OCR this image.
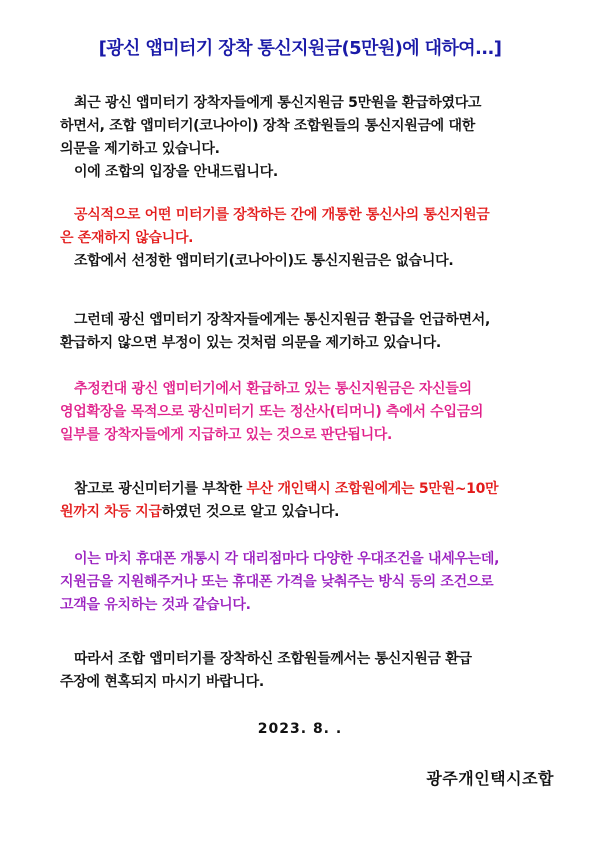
[광신 앱미터기 장착 통신지원금(5만원)에 대하여...]
최근 광신 앱미터기 장착자들에게 통신지원금 5만원을 환급하였다고
하면서, 조합 앱미터기(코나아이) 장착 조합원들의 통신지원금에 대한
의문을 제기하고 있습니다.
이에 조합의 입장을 안내드립니다.
공식적으로 어떤 미터기를 장착하든 간에 개통한 통신사의 통신지원금
은 존재하지 않습니다.
조합에서 선정한 앱미터기(코나아이)도 통신지원금은 없습니다.
그런데 광신 앱미터기 장착자들에게는 통신지원금 환급을 언급하면서,
환급하지 않으면 부정이 있는 것처럼 의문을 제기하고 있습니다.
추정컨대 광신 앱미터기에서 환급하고 있는 통신지원금은 자신들의
영업확장을 목적으로 광신미터기 또는 정산사(티머니) 측에서 수입금의
일부를 장착자들에게 지급하고 있는 것으로 판단됩니다.
참고로 광신미터기를 부착한 부산 개인택시 조합원에게는 5만원~10만
원까지 차등 지급하였던 것으로 알고 있습니다.
이는 마치 휴대폰 개통시 각 대리점마다 다양한 우대조건을 내세우는데,
지원금을 지원해주거나 또는 휴대폰 가격을 낮춰주는 방식 등의 조건으로
고객을 유치하는 것과 같습니다.
따라서 조합 앱미터기를 장착하신 조합원들께서는 통신지원금 환급
주장에 현혹되지 마시기 바랍니다.
2023. 8. .
광주개인택시조합
